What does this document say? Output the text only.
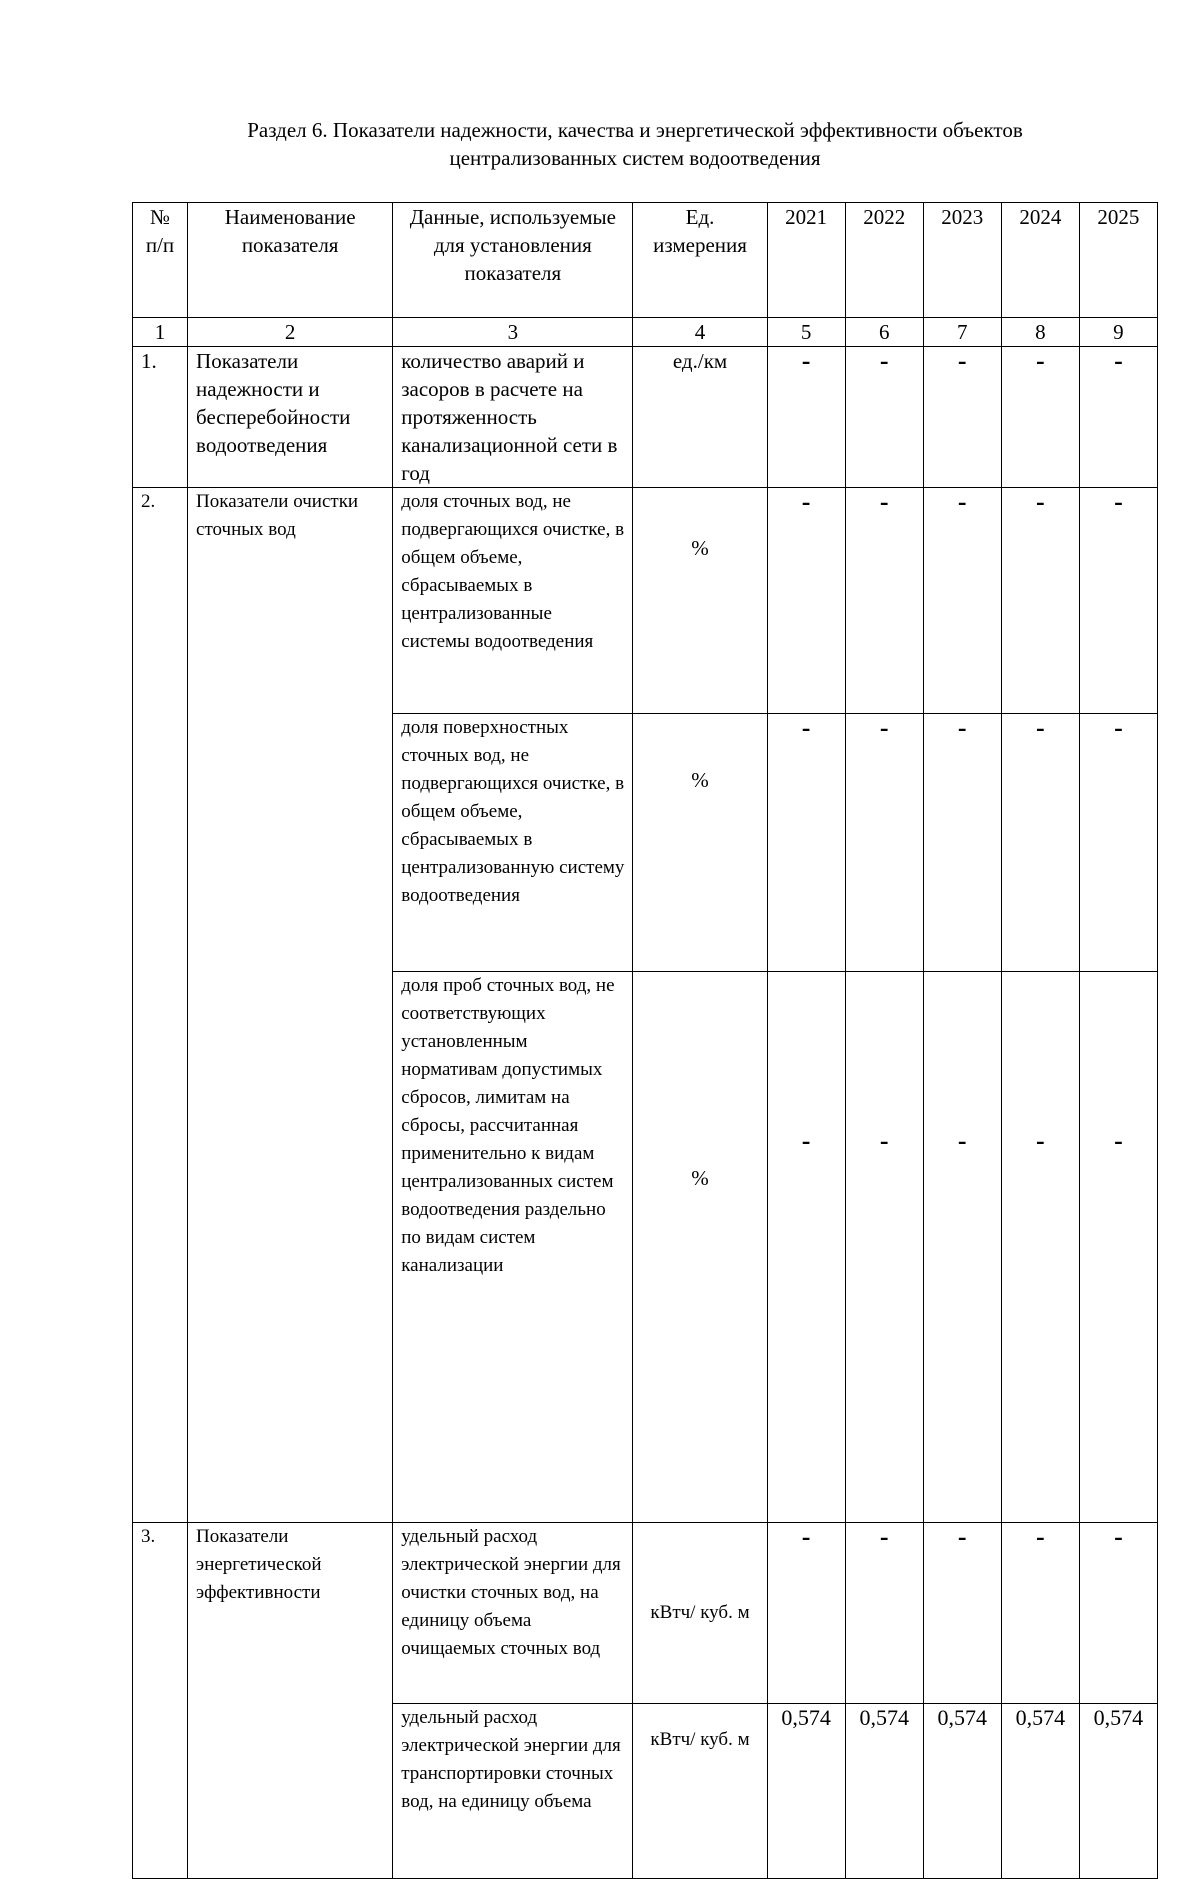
Раздел 6. Показатели надежности, качества и энергетической эффективности объектов
централизованных систем водоотведения
№ п/п	Наименование показателя	Данные, используемые для установления показателя	Ед. измерения	2021	2022	2023	2024	2025
1	2	3	4	5	6	7	8	9
1.	Показатели надежности и бесперебойности водоотведения	количество аварий и засоров в расчете на протяженность канализационной сети в год	ед./км	-	-	-	-	-
2.	Показатели очистки сточных вод	доля сточных вод, не подвергающихся очистке, в общем объеме, сбрасываемых в централизованные системы водоотведения	%	-	-	-	-	-
		доля поверхностных сточных вод, не подвергающихся очистке, в общем объеме, сбрасываемых в централизованную систему водоотведения	%	-	-	-	-	-
		доля проб сточных вод, не соответствующих установленным нормативам допустимых сбросов, лимитам на сбросы, рассчитанная применительно к видам централизованных систем водоотведения раздельно по видам систем канализации	%	-	-	-	-	-
3.	Показатели энергетической эффективности	удельный расход электрической энергии для очистки сточных вод, на единицу объема очищаемых сточных вод	кВтч/ куб. м	-	-	-	-	-
		удельный расход электрической энергии для транспортировки сточных вод, на единицу объема	кВтч/ куб. м	0,574	0,574	0,574	0,574	0,574
